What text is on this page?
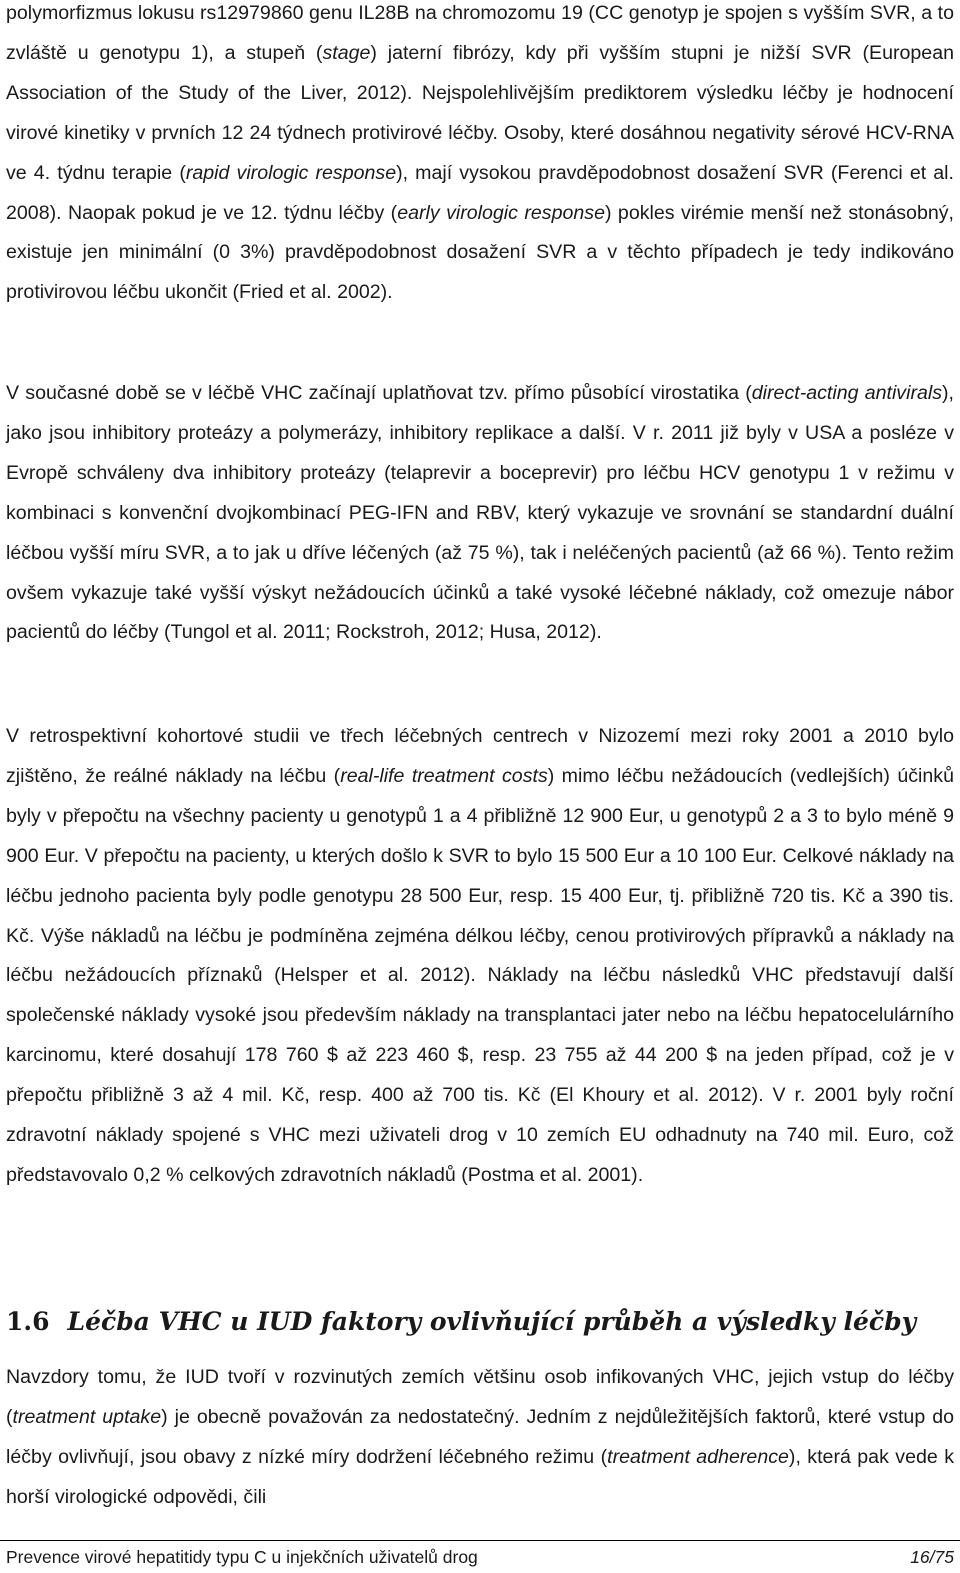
polymorfizmus lokusu rs12979860 genu IL28B na chromozomu 19 (CC genotyp je spojen s vyšším SVR, a to zvláště u genotypu 1), a stupeň (stage) jaterní fibrózy, kdy při vyšším stupni je nižší SVR (European Association of the Study of the Liver, 2012). Nejspolehlivějším prediktorem výsledku léčby je hodnocení virové kinetiky v prvních 12 24 týdnech protivirové léčby. Osoby, které dosáhnou negativity sérové HCV-RNA ve 4. týdnu terapie (rapid virologic response), mají vysokou pravděpodobnost dosažení SVR (Ferenci et al. 2008). Naopak pokud je ve 12. týdnu léčby (early virologic response) pokles virémie menší než stonásobný, existuje jen minimální (0 3%) pravděpodobnost dosažení SVR a v těchto případech je tedy indikováno protivirovou léčbu ukončit (Fried et al. 2002).

V současné době se v léčbě VHC začínají uplatňovat tzv. přímo působící virostatika (direct-acting antivirals), jako jsou inhibitory proteázy a polymerázy, inhibitory replikace a další. V r. 2011 již byly v USA a posléze v Evropě schváleny dva inhibitory proteázy (telaprevir a boceprevir) pro léčbu HCV genotypu 1 v režimu v kombinaci s konvenční dvojkombinací PEG-IFN and RBV, který vykazuje ve srovnání se standardní duální léčbou vyšší míru SVR, a to jak u dříve léčených (až 75 %), tak i neléčených pacientů (až 66 %). Tento režim ovšem vykazuje také vyšší výskyt nežádoucích účinků a také vysoké léčebné náklady, což omezuje nábor pacientů do léčby (Tungol et al. 2011; Rockstroh, 2012; Husa, 2012).

V retrospektivní kohortové studii ve třech léčebných centrech v Nizozemí mezi roky 2001 a 2010 bylo zjištěno, že reálné náklady na léčbu (real-life treatment costs) mimo léčbu nežádoucích (vedlejších) účinků byly v přepočtu na všechny pacienty u genotypů 1 a 4 přibližně 12 900 Eur, u genotypů 2 a 3 to bylo méně 9 900 Eur. V přepočtu na pacienty, u kterých došlo k SVR to bylo 15 500 Eur a 10 100 Eur. Celkové náklady na léčbu jednoho pacienta byly podle genotypu 28 500 Eur, resp. 15 400 Eur, tj. přibližně 720 tis. Kč a 390 tis. Kč. Výše nákladů na léčbu je podmíněna zejména délkou léčby, cenou protivirových přípravků a náklady na léčbu nežádoucích příznaků (Helsper et al. 2012). Náklady na léčbu následků VHC představují další společenské náklady vysoké jsou především náklady na transplantaci jater nebo na léčbu hepatocelulárního karcinomu, které dosahují 178 760 $ až 223 460 $, resp. 23 755 až 44 200 $ na jeden případ, což je v přepočtu přibližně 3 až 4 mil. Kč, resp. 400 až 700 tis. Kč (El Khoury et al. 2012). V r. 2001 byly roční zdravotní náklady spojené s VHC mezi uživateli drog v 10 zemích EU odhadnuty na 740 mil. Euro, což představovalo 0,2 % celkových zdravotních nákladů (Postma et al. 2001).

1.6 Léčba VHC u IUD faktory ovlivňující průběh a výsledky léčby

Navzdory tomu, že IUD tvoří v rozvinutých zemích většinu osob infikovaných VHC, jejich vstup do léčby (treatment uptake) je obecně považován za nedostatečný. Jedním z nejdůležitějších faktorů, které vstup do léčby ovlivňují, jsou obavy z nízké míry dodržení léčebného režimu (treatment adherence), která pak vede k horší virologické odpovědi, čili

Prevence virové hepatitidy typu C u injekčních uživatelů drog	16/75
